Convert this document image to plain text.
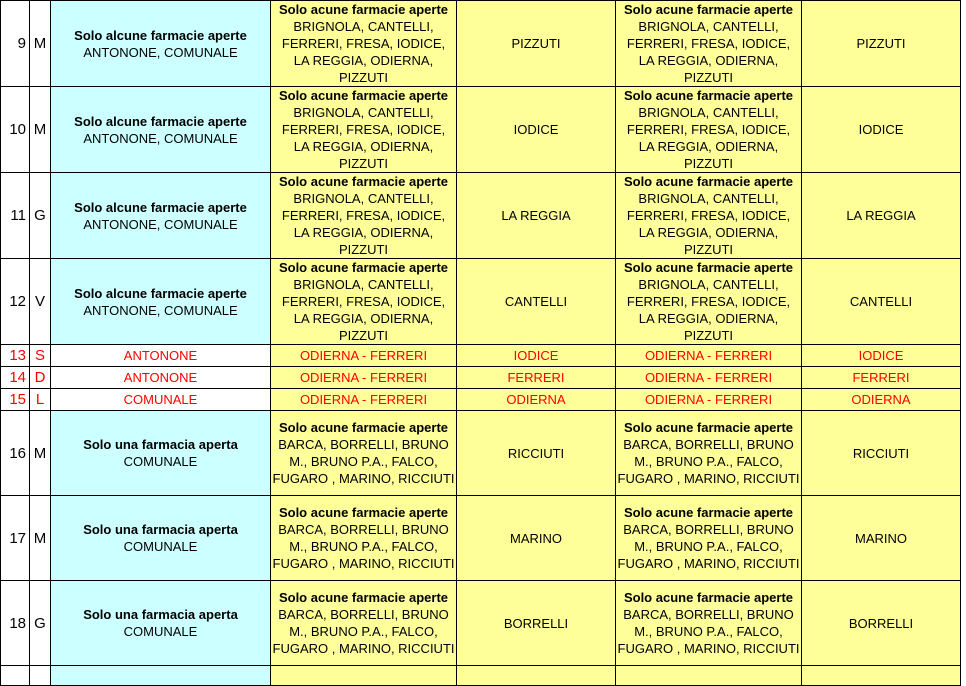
9	M	Solo alcune farmacie aperte
ANTONONE, COMUNALE	Solo acune farmacie aperte
BRIGNOLA, CANTELLI,
FERRERI, FRESA, IODICE,
LA REGGIA, ODIERNA,
PIZZUTI	PIZZUTI	Solo acune farmacie aperte
BRIGNOLA, CANTELLI,
FERRERI, FRESA, IODICE,
LA REGGIA, ODIERNA,
PIZZUTI	PIZZUTI
10	M	Solo alcune farmacie aperte
ANTONONE, COMUNALE	Solo acune farmacie aperte
BRIGNOLA, CANTELLI,
FERRERI, FRESA, IODICE,
LA REGGIA, ODIERNA,
PIZZUTI	IODICE	Solo acune farmacie aperte
BRIGNOLA, CANTELLI,
FERRERI, FRESA, IODICE,
LA REGGIA, ODIERNA,
PIZZUTI	IODICE
11	G	Solo alcune farmacie aperte
ANTONONE, COMUNALE	Solo acune farmacie aperte
BRIGNOLA, CANTELLI,
FERRERI, FRESA, IODICE,
LA REGGIA, ODIERNA,
PIZZUTI	LA REGGIA	Solo acune farmacie aperte
BRIGNOLA, CANTELLI,
FERRERI, FRESA, IODICE,
LA REGGIA, ODIERNA,
PIZZUTI	LA REGGIA
12	V	Solo alcune farmacie aperte
ANTONONE, COMUNALE	Solo acune farmacie aperte
BRIGNOLA, CANTELLI,
FERRERI, FRESA, IODICE,
LA REGGIA, ODIERNA,
PIZZUTI	CANTELLI	Solo acune farmacie aperte
BRIGNOLA, CANTELLI,
FERRERI, FRESA, IODICE,
LA REGGIA, ODIERNA,
PIZZUTI	CANTELLI
13	S	ANTONONE	ODIERNA - FERRERI	IODICE	ODIERNA - FERRERI	IODICE
14	D	ANTONONE	ODIERNA - FERRERI	FERRERI	ODIERNA - FERRERI	FERRERI
15	L	COMUNALE	ODIERNA - FERRERI	ODIERNA	ODIERNA - FERRERI	ODIERNA
16	M	Solo una farmacia aperta
COMUNALE	Solo acune farmacie aperte
BARCA, BORRELLI, BRUNO
M., BRUNO P.A., FALCO,
FUGARO , MARINO, RICCIUTI	RICCIUTI	Solo acune farmacie aperte
BARCA, BORRELLI, BRUNO
M., BRUNO P.A., FALCO,
FUGARO , MARINO, RICCIUTI	RICCIUTI
17	M	Solo una farmacia aperta
COMUNALE	Solo acune farmacie aperte
BARCA, BORRELLI, BRUNO
M., BRUNO P.A., FALCO,
FUGARO , MARINO, RICCIUTI	MARINO	Solo acune farmacie aperte
BARCA, BORRELLI, BRUNO
M., BRUNO P.A., FALCO,
FUGARO , MARINO, RICCIUTI	MARINO
18	G	Solo una farmacia aperta
COMUNALE	Solo acune farmacie aperte
BARCA, BORRELLI, BRUNO
M., BRUNO P.A., FALCO,
FUGARO , MARINO, RICCIUTI	BORRELLI	Solo acune farmacie aperte
BARCA, BORRELLI, BRUNO
M., BRUNO P.A., FALCO,
FUGARO , MARINO, RICCIUTI	BORRELLI
